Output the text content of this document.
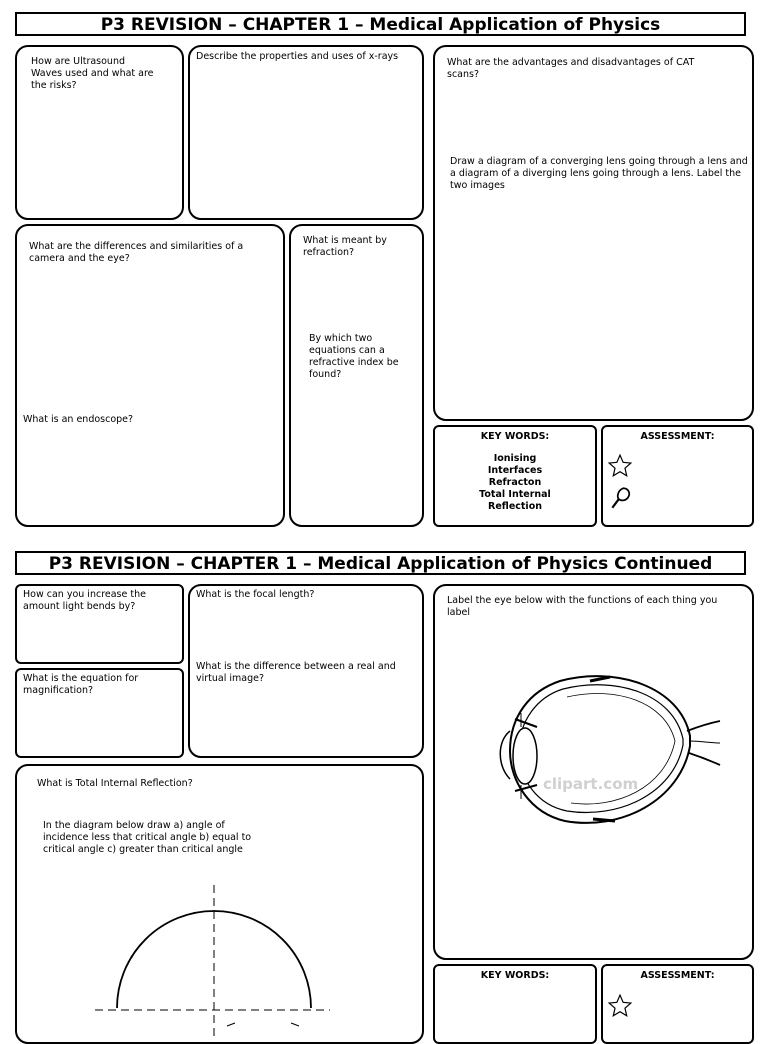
P3 REVISION – CHAPTER 1 – Medical Application of Physics
How are Ultrasound Waves used and what are the risks?
Describe the properties and uses of x-rays
What are the advantages and disadvantages of CAT scans?
Draw a diagram of a converging lens going through a lens and a diagram of a diverging lens going through a lens. Label the two images
What are the differences and similarities of a camera and the eye?
What is an endoscope?
What is meant by refraction?
By which two equations can a refractive index be found?
KEY WORDS:
Ionising
Interfaces
Refracton
Total Internal
Reflection
ASSESSMENT:
P3 REVISION – CHAPTER 1 – Medical Application of Physics Continued
How can you increase the amount light bends by?
What is the equation for magnification?
What is the focal length?
What is the difference between a real and virtual image?
Label the eye below with the functions of each thing you label
clipart.com
What is Total Internal Reflection?
In the diagram below draw a) angle of incidence less that critical angle b) equal to critical angle c) greater than critical angle
KEY WORDS:	ASSESSMENT:
